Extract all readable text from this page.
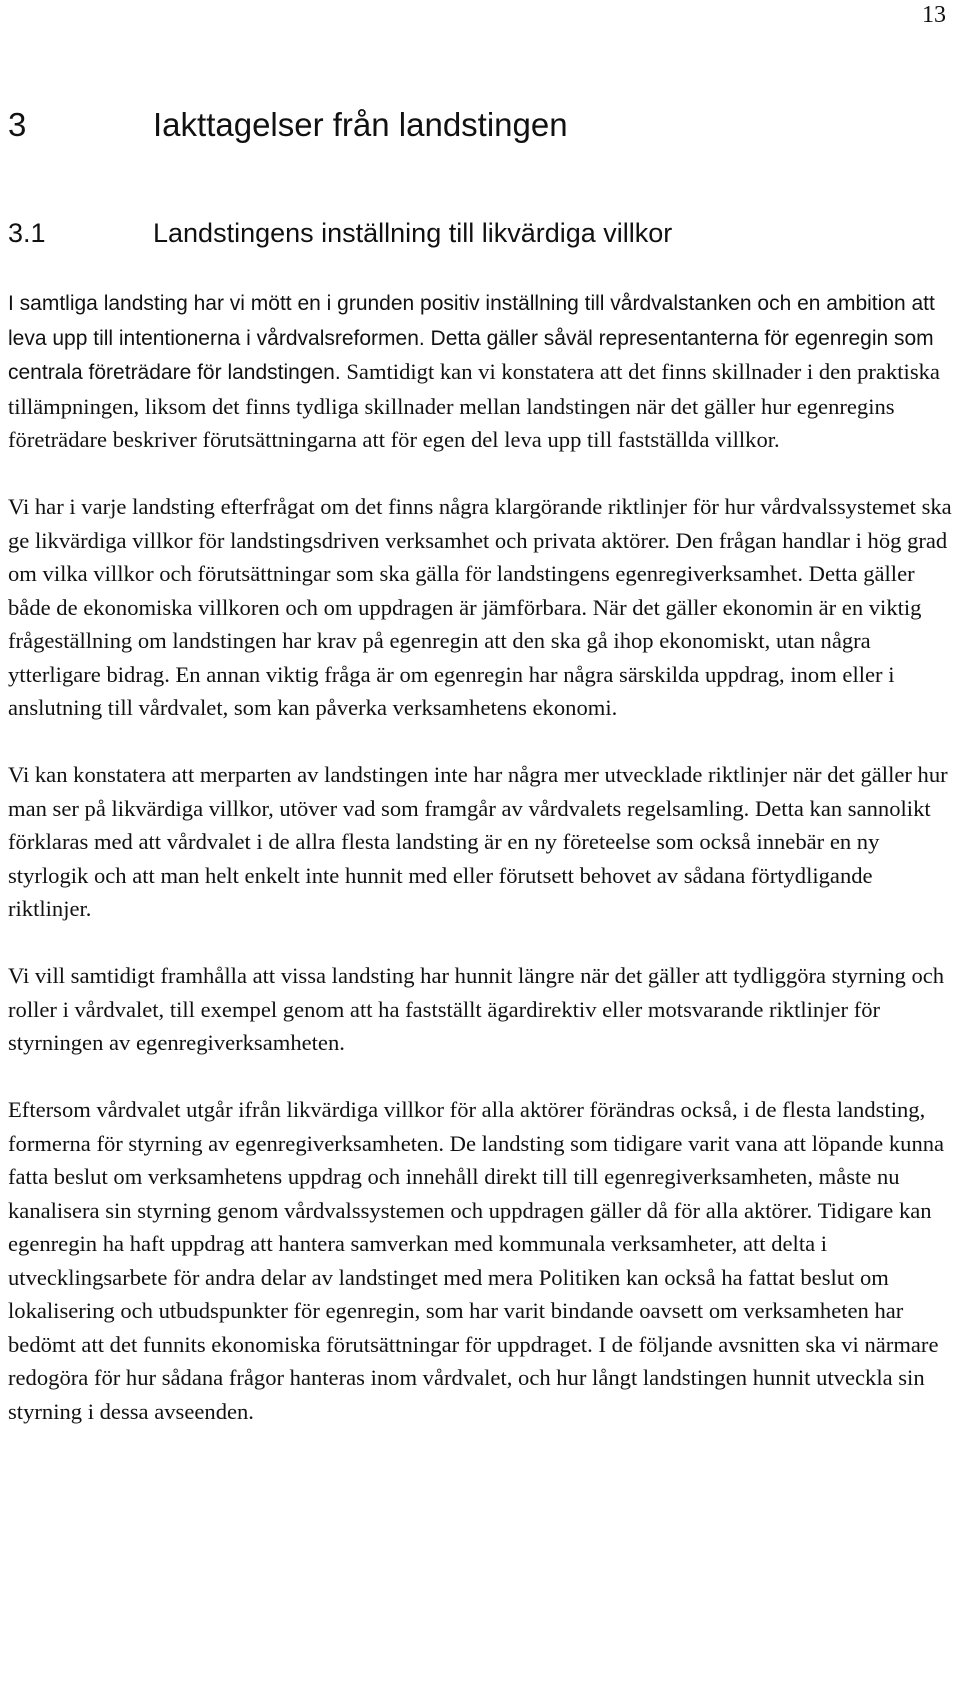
13
3	Iakttagelser från landstingen
3.1	Landstingens inställning till likvärdiga villkor

I samtliga landsting har vi mött en i grunden positiv inställning till vårdvalstanken och en ambition att leva upp till intentionerna i vårdvalsreformen. Detta gäller såväl representanterna för egenregin som centrala företrädare för landstingen. Samtidigt kan vi konstatera att det finns skillnader i den praktiska tillämpningen, liksom det finns tydliga skillnader mellan landstingen när det gäller hur egenregins företrädare beskriver förutsättningarna att för egen del leva upp till fastställda villkor.

Vi har i varje landsting efterfrågat om det finns några klargörande riktlinjer för hur vårdvalssystemet ska ge likvärdiga villkor för landstingsdriven verksamhet och privata aktörer. Den frågan handlar i hög grad om vilka villkor och förutsättningar som ska gälla för landstingens egenregiverksamhet. Detta gäller både de ekonomiska villkoren och om uppdragen är jämförbara. När det gäller ekonomin är en viktig frågeställning om landstingen har krav på egenregin att den ska gå ihop ekonomiskt, utan några ytterligare bidrag. En annan viktig fråga är om egenregin har några särskilda uppdrag, inom eller i anslutning till vårdvalet, som kan påverka verksamhetens ekonomi.

Vi kan konstatera att merparten av landstingen inte har några mer utvecklade riktlinjer när det gäller hur man ser på likvärdiga villkor, utöver vad som framgår av vårdvalets regelsamling. Detta kan sannolikt förklaras med att vårdvalet i de allra flesta landsting är en ny företeelse som också innebär en ny styrlogik och att man helt enkelt inte hunnit med eller förutsett behovet av sådana förtydligande riktlinjer.

Vi vill samtidigt framhålla att vissa landsting har hunnit längre när det gäller att tydliggöra styrning och roller i vårdvalet, till exempel genom att ha fastställt ägardirektiv eller motsvarande riktlinjer för styrningen av egenregiverksamheten.

Eftersom vårdvalet utgår ifrån likvärdiga villkor för alla aktörer förändras också, i de flesta landsting, formerna för styrning av egenregiverksamheten. De landsting som tidigare varit vana att löpande kunna fatta beslut om verksamhetens uppdrag och innehåll direkt till till egenregiverksamheten, måste nu kanalisera sin styrning genom vårdvalssystemen och uppdragen gäller då för alla aktörer. Tidigare kan egenregin ha haft uppdrag att hantera samverkan med kommunala verksamheter, att delta i utvecklingsarbete för andra delar av landstinget med mera Politiken kan också ha fattat beslut om lokalisering och utbudspunkter för egenregin, som har varit bindande oavsett om verksamheten har bedömt att det funnits ekonomiska förutsättningar för uppdraget. I de följande avsnitten ska vi närmare redogöra för hur sådana frågor hanteras inom vårdvalet, och hur långt landstingen hunnit utveckla sin styrning i dessa avseenden.
